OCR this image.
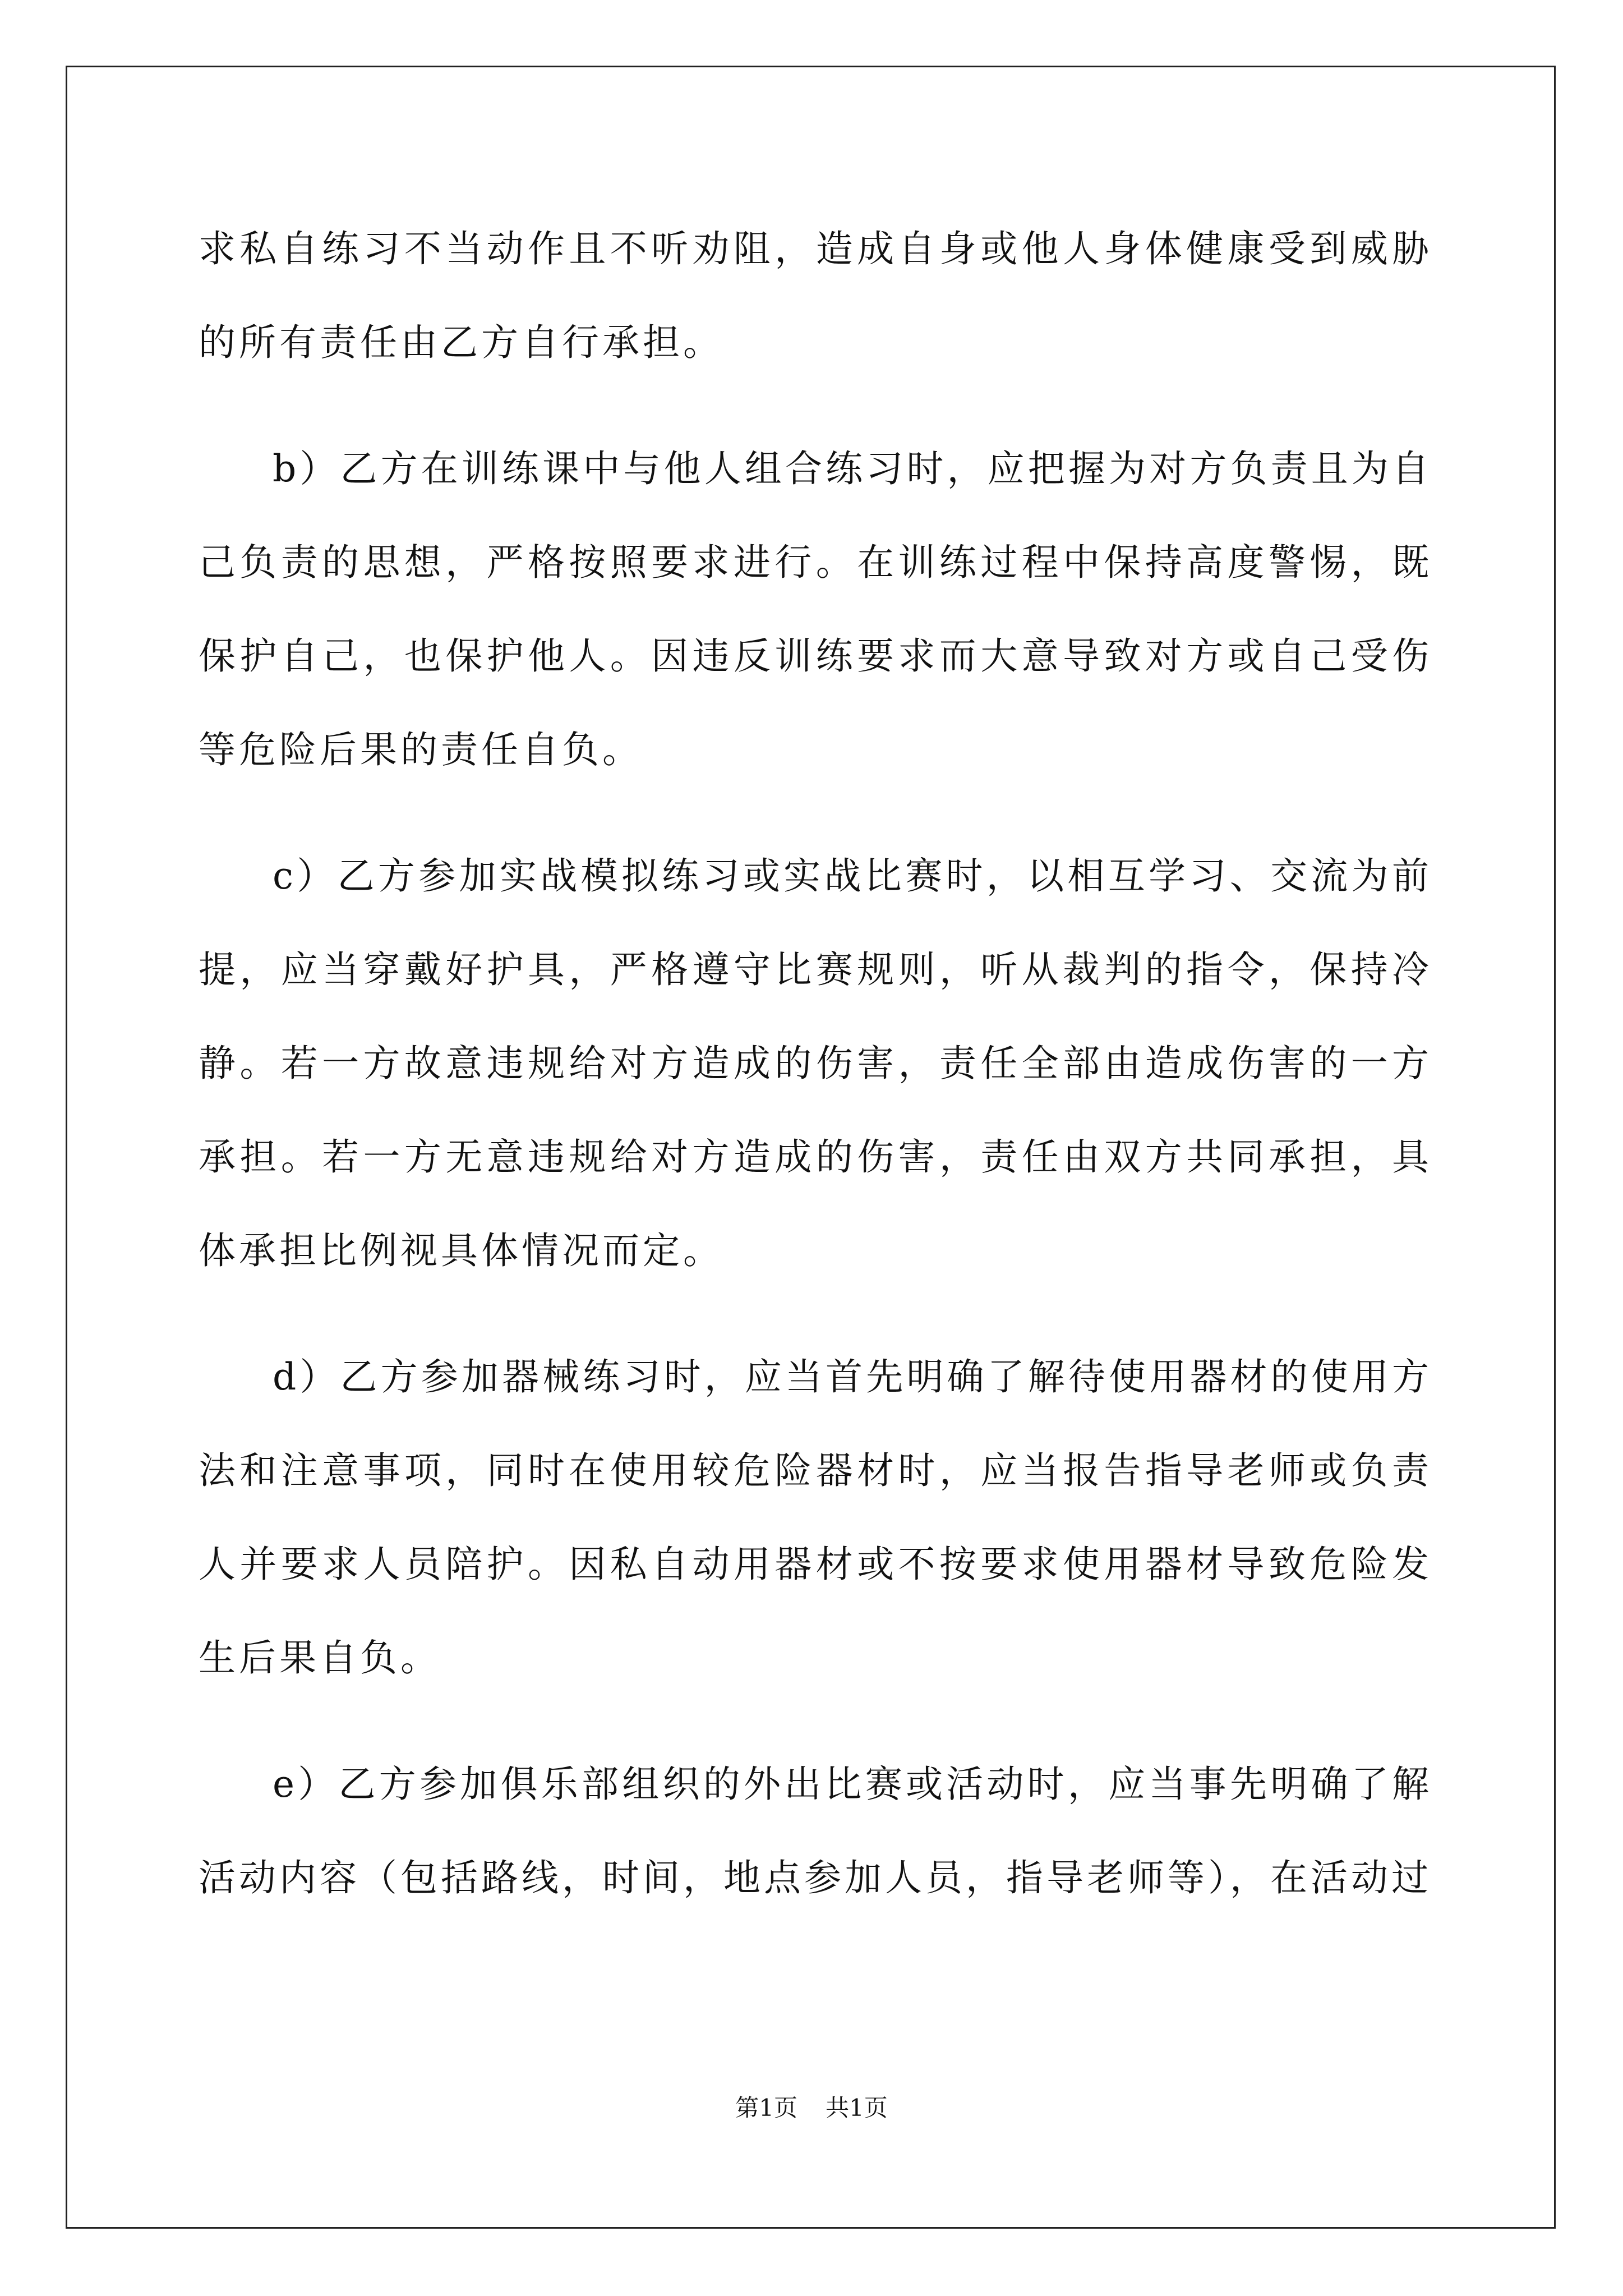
求私自练习不当动作且不听劝阻，造成自身或他人身体健康受到威胁的所有责任由乙方自行承担。

b）乙方在训练课中与他人组合练习时，应把握为对方负责且为自己负责的思想，严格按照要求进行。在训练过程中保持高度警惕，既保护自己，也保护他人。因违反训练要求而大意导致对方或自己受伤等危险后果的责任自负。

c）乙方参加实战模拟练习或实战比赛时，以相互学习、交流为前提，应当穿戴好护具，严格遵守比赛规则，听从裁判的指令，保持冷静。若一方故意违规给对方造成的伤害，责任全部由造成伤害的一方承担。若一方无意违规给对方造成的伤害，责任由双方共同承担，具体承担比例视具体情况而定。

d）乙方参加器械练习时，应当首先明确了解待使用器材的使用方法和注意事项，同时在使用较危险器材时，应当报告指导老师或负责人并要求人员陪护。因私自动用器材或不按要求使用器材导致危险发生后果自负。

e）乙方参加俱乐部组织的外出比赛或活动时，应当事先明确了解活动内容（包括路线，时间，地点参加人员，指导老师等），在活动过

第1页 共1页
